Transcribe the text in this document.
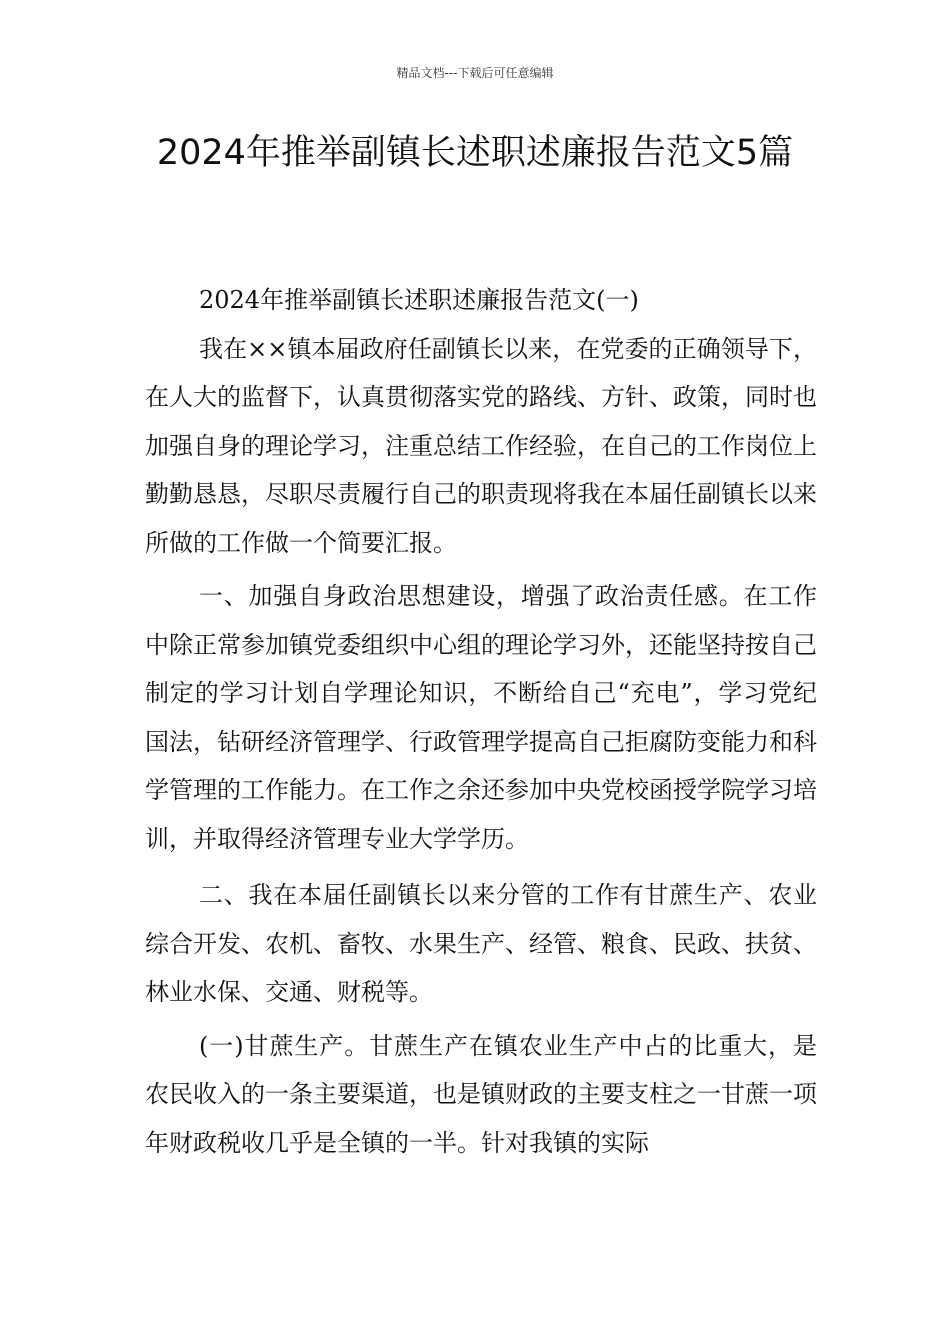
精品文档---下载后可任意编辑
2024年推举副镇长述职述廉报告范文5篇

2024年推举副镇长述职述廉报告范文(一)

我在××镇本届政府任副镇长以来，在党委的正确领导下，在人大的监督下，认真贯彻落实党的路线、方针、政策，同时也加强自身的理论学习，注重总结工作经验，在自己的工作岗位上勤勤恳恳，尽职尽责履行自己的职责现将我在本届任副镇长以来所做的工作做一个简要汇报。

一、加强自身政治思想建设，增强了政治责任感。在工作中除正常参加镇党委组织中心组的理论学习外，还能坚持按自己制定的学习计划自学理论知识，不断给自己“充电”，学习党纪国法，钻研经济管理学、行政管理学提高自己拒腐防变能力和科学管理的工作能力。在工作之余还参加中央党校函授学院学习培训，并取得经济管理专业大学学历。

二、我在本届任副镇长以来分管的工作有甘蔗生产、农业综合开发、农机、畜牧、水果生产、经管、粮食、民政、扶贫、林业水保、交通、财税等。

(一)甘蔗生产。甘蔗生产在镇农业生产中占的比重大，是农民收入的一条主要渠道，也是镇财政的主要支柱之一甘蔗一项年财政税收几乎是全镇的一半。针对我镇的实际
